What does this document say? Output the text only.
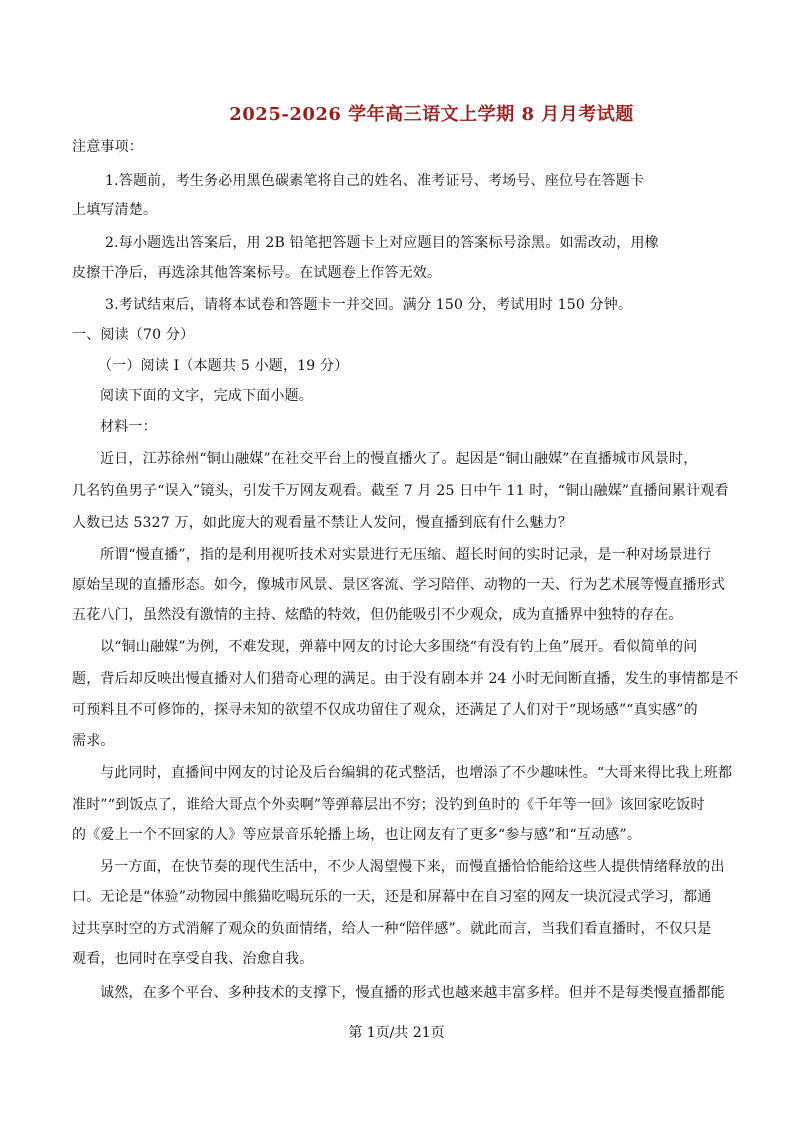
2025-2026 学年高三语文上学期 8 月月考试题
注意事项：
1.答题前，考生务必用黑色碳素笔将自己的姓名、准考证号、考场号、座位号在答题卡
上填写清楚。
2.每小题选出答案后，用 2B 铅笔把答题卡上对应题目的答案标号涂黑。如需改动，用橡
皮擦干净后，再选涂其他答案标号。在试题卷上作答无效。
3.考试结束后，请将本试卷和答题卡一并交回。满分 150 分，考试用时 150 分钟。
一、阅读（70 分）
（一）阅读 I（本题共 5 小题，19 分）
阅读下面的文字，完成下面小题。
材料一：
近日，江苏徐州“铜山融媒”在社交平台上的慢直播火了。起因是“铜山融媒”在直播城市风景时，
几名钓鱼男子“误入”镜头，引发千万网友观看。截至 7 月 25 日中午 11 时，“铜山融媒”直播间累计观看
人数已达 5327 万，如此庞大的观看量不禁让人发问，慢直播到底有什么魅力？
所谓“慢直播”，指的是利用视听技术对实景进行无压缩、超长时间的实时记录，是一种对场景进行
原始呈现的直播形态。如今，像城市风景、景区客流、学习陪伴、动物的一天、行为艺术展等慢直播形式
五花八门，虽然没有激情的主持、炫酷的特效，但仍能吸引不少观众，成为直播界中独特的存在。
以“铜山融媒”为例，不难发现，弹幕中网友的讨论大多围绕“有没有钓上鱼”展开。看似简单的问
题，背后却反映出慢直播对人们猎奇心理的满足。由于没有剧本并 24 小时无间断直播，发生的事情都是不
可预料且不可修饰的，探寻未知的欲望不仅成功留住了观众，还满足了人们对于“现场感”“真实感”的
需求。
与此同时，直播间中网友的讨论及后台编辑的花式整活，也增添了不少趣味性。“大哥来得比我上班都
准时”“到饭点了，谁给大哥点个外卖啊”等弹幕层出不穷；没钓到鱼时的《千年等一回》该回家吃饭时
的《爱上一个不回家的人》等应景音乐轮播上场，也让网友有了更多“参与感”和“互动感”。
另一方面，在快节奏的现代生活中，不少人渴望慢下来，而慢直播恰恰能给这些人提供情绪释放的出
口。无论是“体验”动物园中熊猫吃喝玩乐的一天，还是和屏幕中在自习室的网友一块沉浸式学习，都通
过共享时空的方式消解了观众的负面情绪，给人一种“陪伴感”。就此而言，当我们看直播时，不仅只是
观看，也同时在享受自我、治愈自我。
诚然，在多个平台、多种技术的支撑下，慢直播的形式也越来越丰富多样。但并不是每类慢直播都能
第 1页/共 21页
